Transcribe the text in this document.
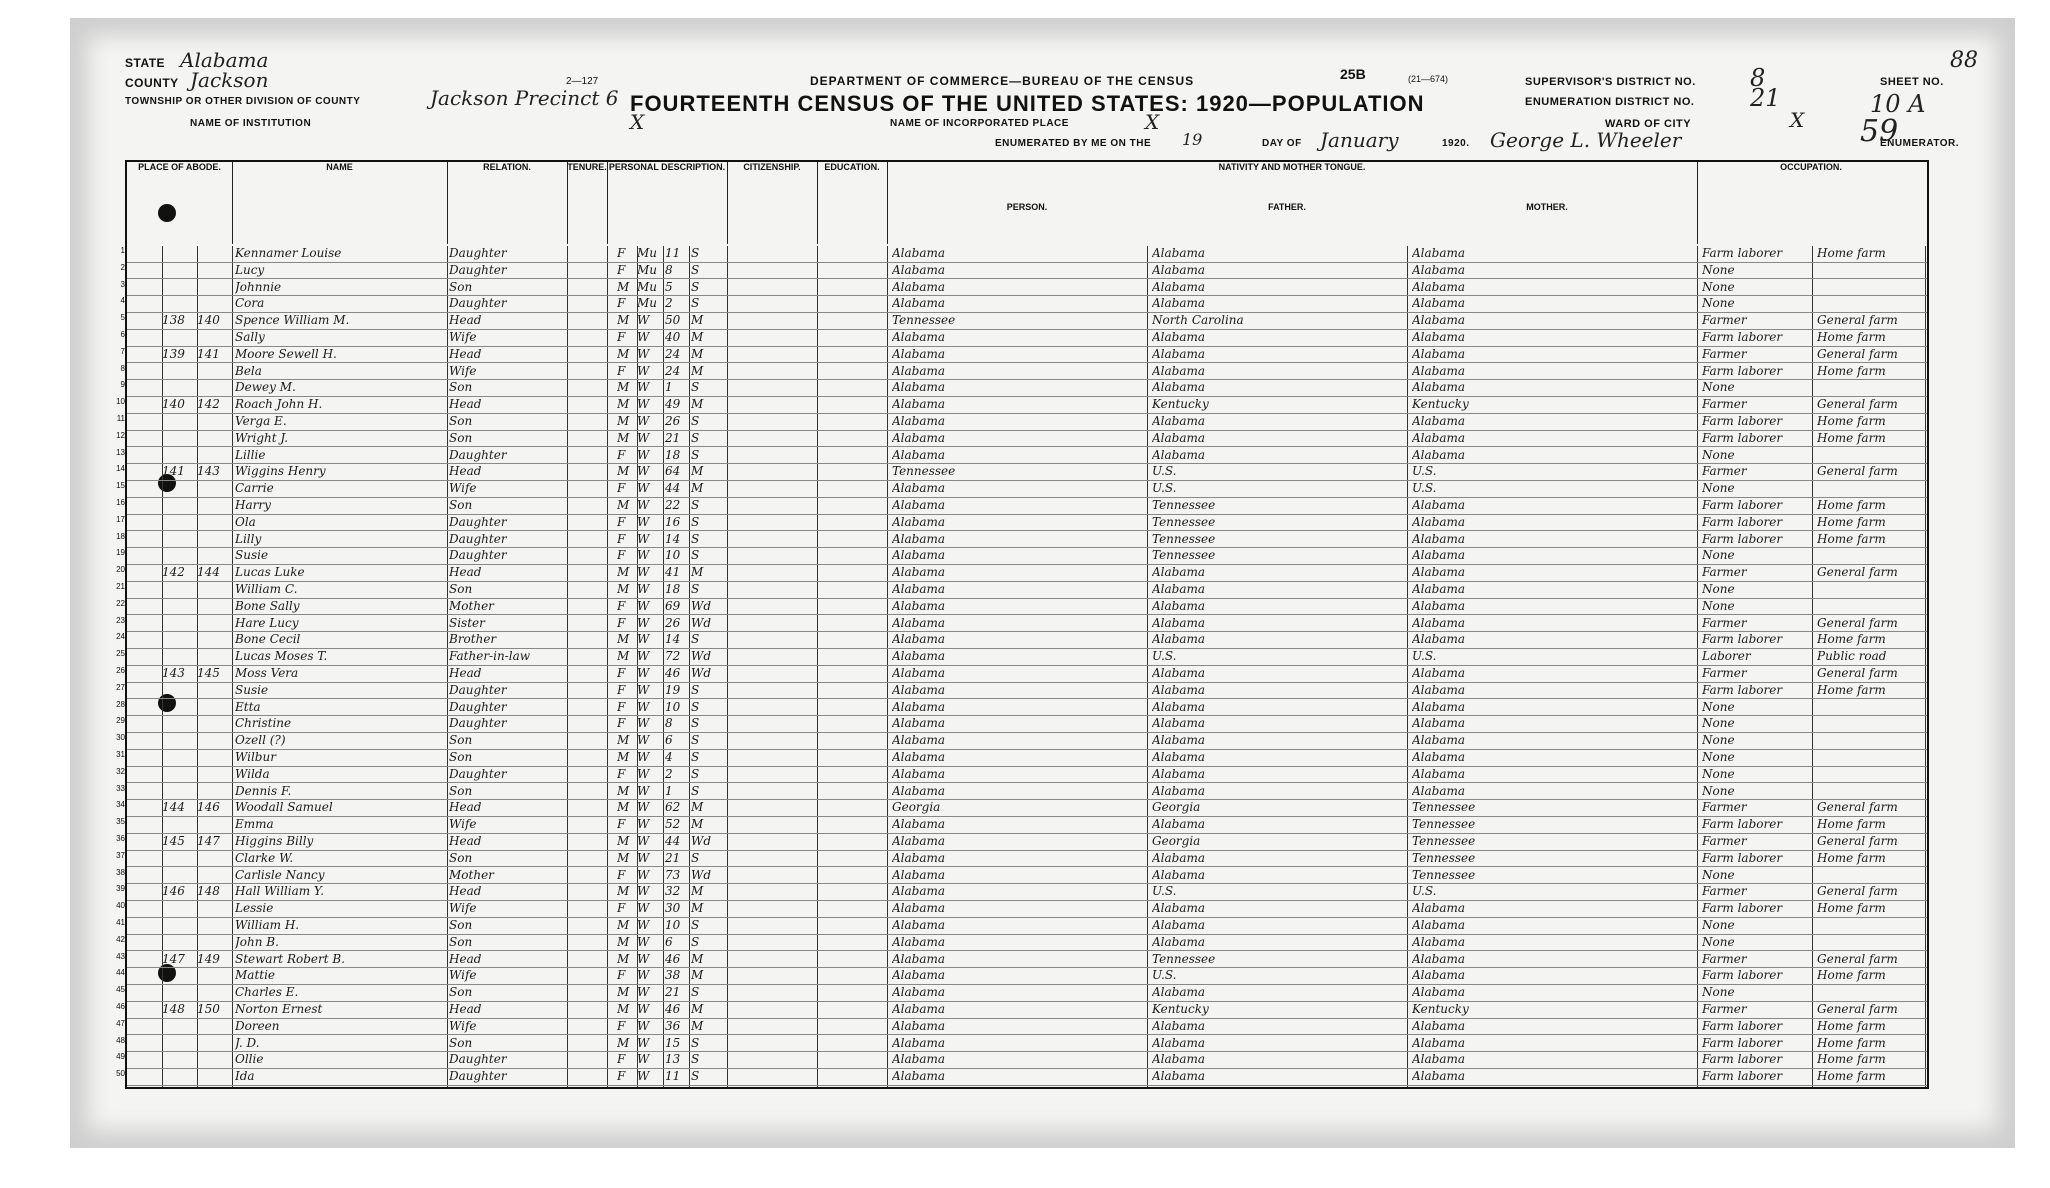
25B
2—127	(21—674)
DEPARTMENT OF COMMERCE—BUREAU OF THE CENSUS
FOURTEENTH CENSUS OF THE UNITED STATES: 1920—POPULATION
STATE Alabama
COUNTY Jackson
TOWNSHIP OR OTHER DIVISION OF COUNTY	Jackson Precinct 6
NAME OF INSTITUTION	X	NAME OF INCORPORATED PLACE	X
ENUMERATED BY ME ON THE 19	DAY OF January	1920. George L. Wheeler	ENUMERATOR.
SUPERVISOR'S DISTRICT NO. 8
ENUMERATION DISTRICT NO. 21
WARD OF CITY	X
SHEET NO.
10 A
59
88
PLACE OF ABODE.	NAME	RELATION.	TENURE. PERSONAL DESCRIPTION.	CITIZENSHIP.	EDUCATION.	NATIVITY AND MOTHER TONGUE.
PERSON.	FATHER.	MOTHER.
OCCUPATION.
1	Kennamer Louise	Daughter	F Mu 11 S	Alabama	Alabama	Alabama	Farm laborer	Home farm
2	Lucy	Daughter	F Mu 8	S	Alabama	Alabama	Alabama	None
3	Johnnie	Son	M Mu 5	S	Alabama	Alabama	Alabama	None
4	Cora	Daughter	F Mu 2	S	Alabama	Alabama	Alabama	None
5	138	140	Spence William M.	Head	M W	50 M	Tennessee	North Carolina	Alabama	Farmer	General farm
6	Sally	Wife	F W	40 M	Alabama	Alabama	Alabama	Farm laborer	Home farm
7	139	141	Moore Sewell H.	Head	M W	24 M	Alabama	Alabama	Alabama	Farmer	General farm
8	Bela	Wife	F W	24 M	Alabama	Alabama	Alabama	Farm laborer	Home farm
9	Dewey M.	Son	M W	1	S	Alabama	Alabama	Alabama	None
10	140	142	Roach John H.	Head	M W	49 M	Alabama	Kentucky	Kentucky	Farmer	General farm
11	Verga E.	Son	M W	26 S	Alabama	Alabama	Alabama	Farm laborer	Home farm
12	Wright J.	Son	M W	21 S	Alabama	Alabama	Alabama	Farm laborer	Home farm
13	Lillie	Daughter	F W	18 S	Alabama	Alabama	Alabama	None
14	141	143	Wiggins Henry	Head	M W	64 M	Tennessee	U.S.	U.S.	Farmer	General farm
15	Carrie	Wife	F W	44 M	Alabama	U.S.	U.S.	None
16	Harry	Son	M W	22 S	Alabama	Tennessee	Alabama	Farm laborer	Home farm
17	Ola	Daughter	F W	16 S	Alabama	Tennessee	Alabama	Farm laborer	Home farm
18	Lilly	Daughter	F W	14 S	Alabama	Tennessee	Alabama	Farm laborer	Home farm
19	Susie	Daughter	F W	10 S	Alabama	Tennessee	Alabama	None
20	142	144	Lucas Luke	Head	M W	41 M	Alabama	Alabama	Alabama	Farmer	General farm
21	William C.	Son	M W	18 S	Alabama	Alabama	Alabama	None
22	Bone Sally	Mother	F W	69 Wd	Alabama	Alabama	Alabama	None
23	Hare Lucy	Sister	F W	26 Wd	Alabama	Alabama	Alabama	Farmer	General farm
24	Bone Cecil	Brother	M W	14 S	Alabama	Alabama	Alabama	Farm laborer	Home farm
25	Lucas Moses T.	Father-in-law	M W	72 Wd	Alabama	U.S.	U.S.	Laborer	Public road
26	143	145	Moss Vera	Head	F W	46 Wd	Alabama	Alabama	Alabama	Farmer	General farm
27	Susie	Daughter	F W	19 S	Alabama	Alabama	Alabama	Farm laborer	Home farm
28	Etta	Daughter	F W	10 S	Alabama	Alabama	Alabama	None
29	Christine	Daughter	F W	8	S	Alabama	Alabama	Alabama	None
30	Ozell (?)	Son	M W	6	S	Alabama	Alabama	Alabama	None
31	Wilbur	Son	M W	4	S	Alabama	Alabama	Alabama	None
32	Wilda	Daughter	F W	2	S	Alabama	Alabama	Alabama	None
33	Dennis F.	Son	M W	1	S	Alabama	Alabama	Alabama	None
34	144	146	Woodall Samuel	Head	M W	62 M	Georgia	Georgia	Tennessee	Farmer	General farm
35	Emma	Wife	F W	52 M	Alabama	Alabama	Tennessee	Farm laborer	Home farm
36	145	147	Higgins Billy	Head	M W	44 Wd	Alabama	Georgia	Tennessee	Farmer	General farm
37	Clarke W.	Son	M W	21 S	Alabama	Alabama	Tennessee	Farm laborer	Home farm
38	Carlisle Nancy	Mother	F W	73 Wd	Alabama	Alabama	Tennessee	None
39	146	148	Hall William Y.	Head	M W	32 M	Alabama	U.S.	U.S.	Farmer	General farm
40	Lessie	Wife	F W	30 M	Alabama	Alabama	Alabama	Farm laborer	Home farm
41	William H.	Son	M W	10 S	Alabama	Alabama	Alabama	None
42	John B.	Son	M W	6	S	Alabama	Alabama	Alabama	None
43	147	149	Stewart Robert B.	Head	M W	46 M	Alabama	Tennessee	Alabama	Farmer	General farm
44	Mattie	Wife	F W	38 M	Alabama	U.S.	Alabama	Farm laborer	Home farm
45	Charles E.	Son	M W	21 S	Alabama	Alabama	Alabama	None
46	148	150	Norton Ernest	Head	M W	46 M	Alabama	Kentucky	Kentucky	Farmer	General farm
47	Doreen	Wife	F W	36 M	Alabama	Alabama	Alabama	Farm laborer	Home farm
48	J. D.	Son	M W	15 S	Alabama	Alabama	Alabama	Farm laborer	Home farm
49	Ollie	Daughter	F W	13 S	Alabama	Alabama	Alabama	Farm laborer	Home farm
50	Ida	Daughter	F W	11 S	Alabama	Alabama	Alabama	Farm laborer	Home farm
